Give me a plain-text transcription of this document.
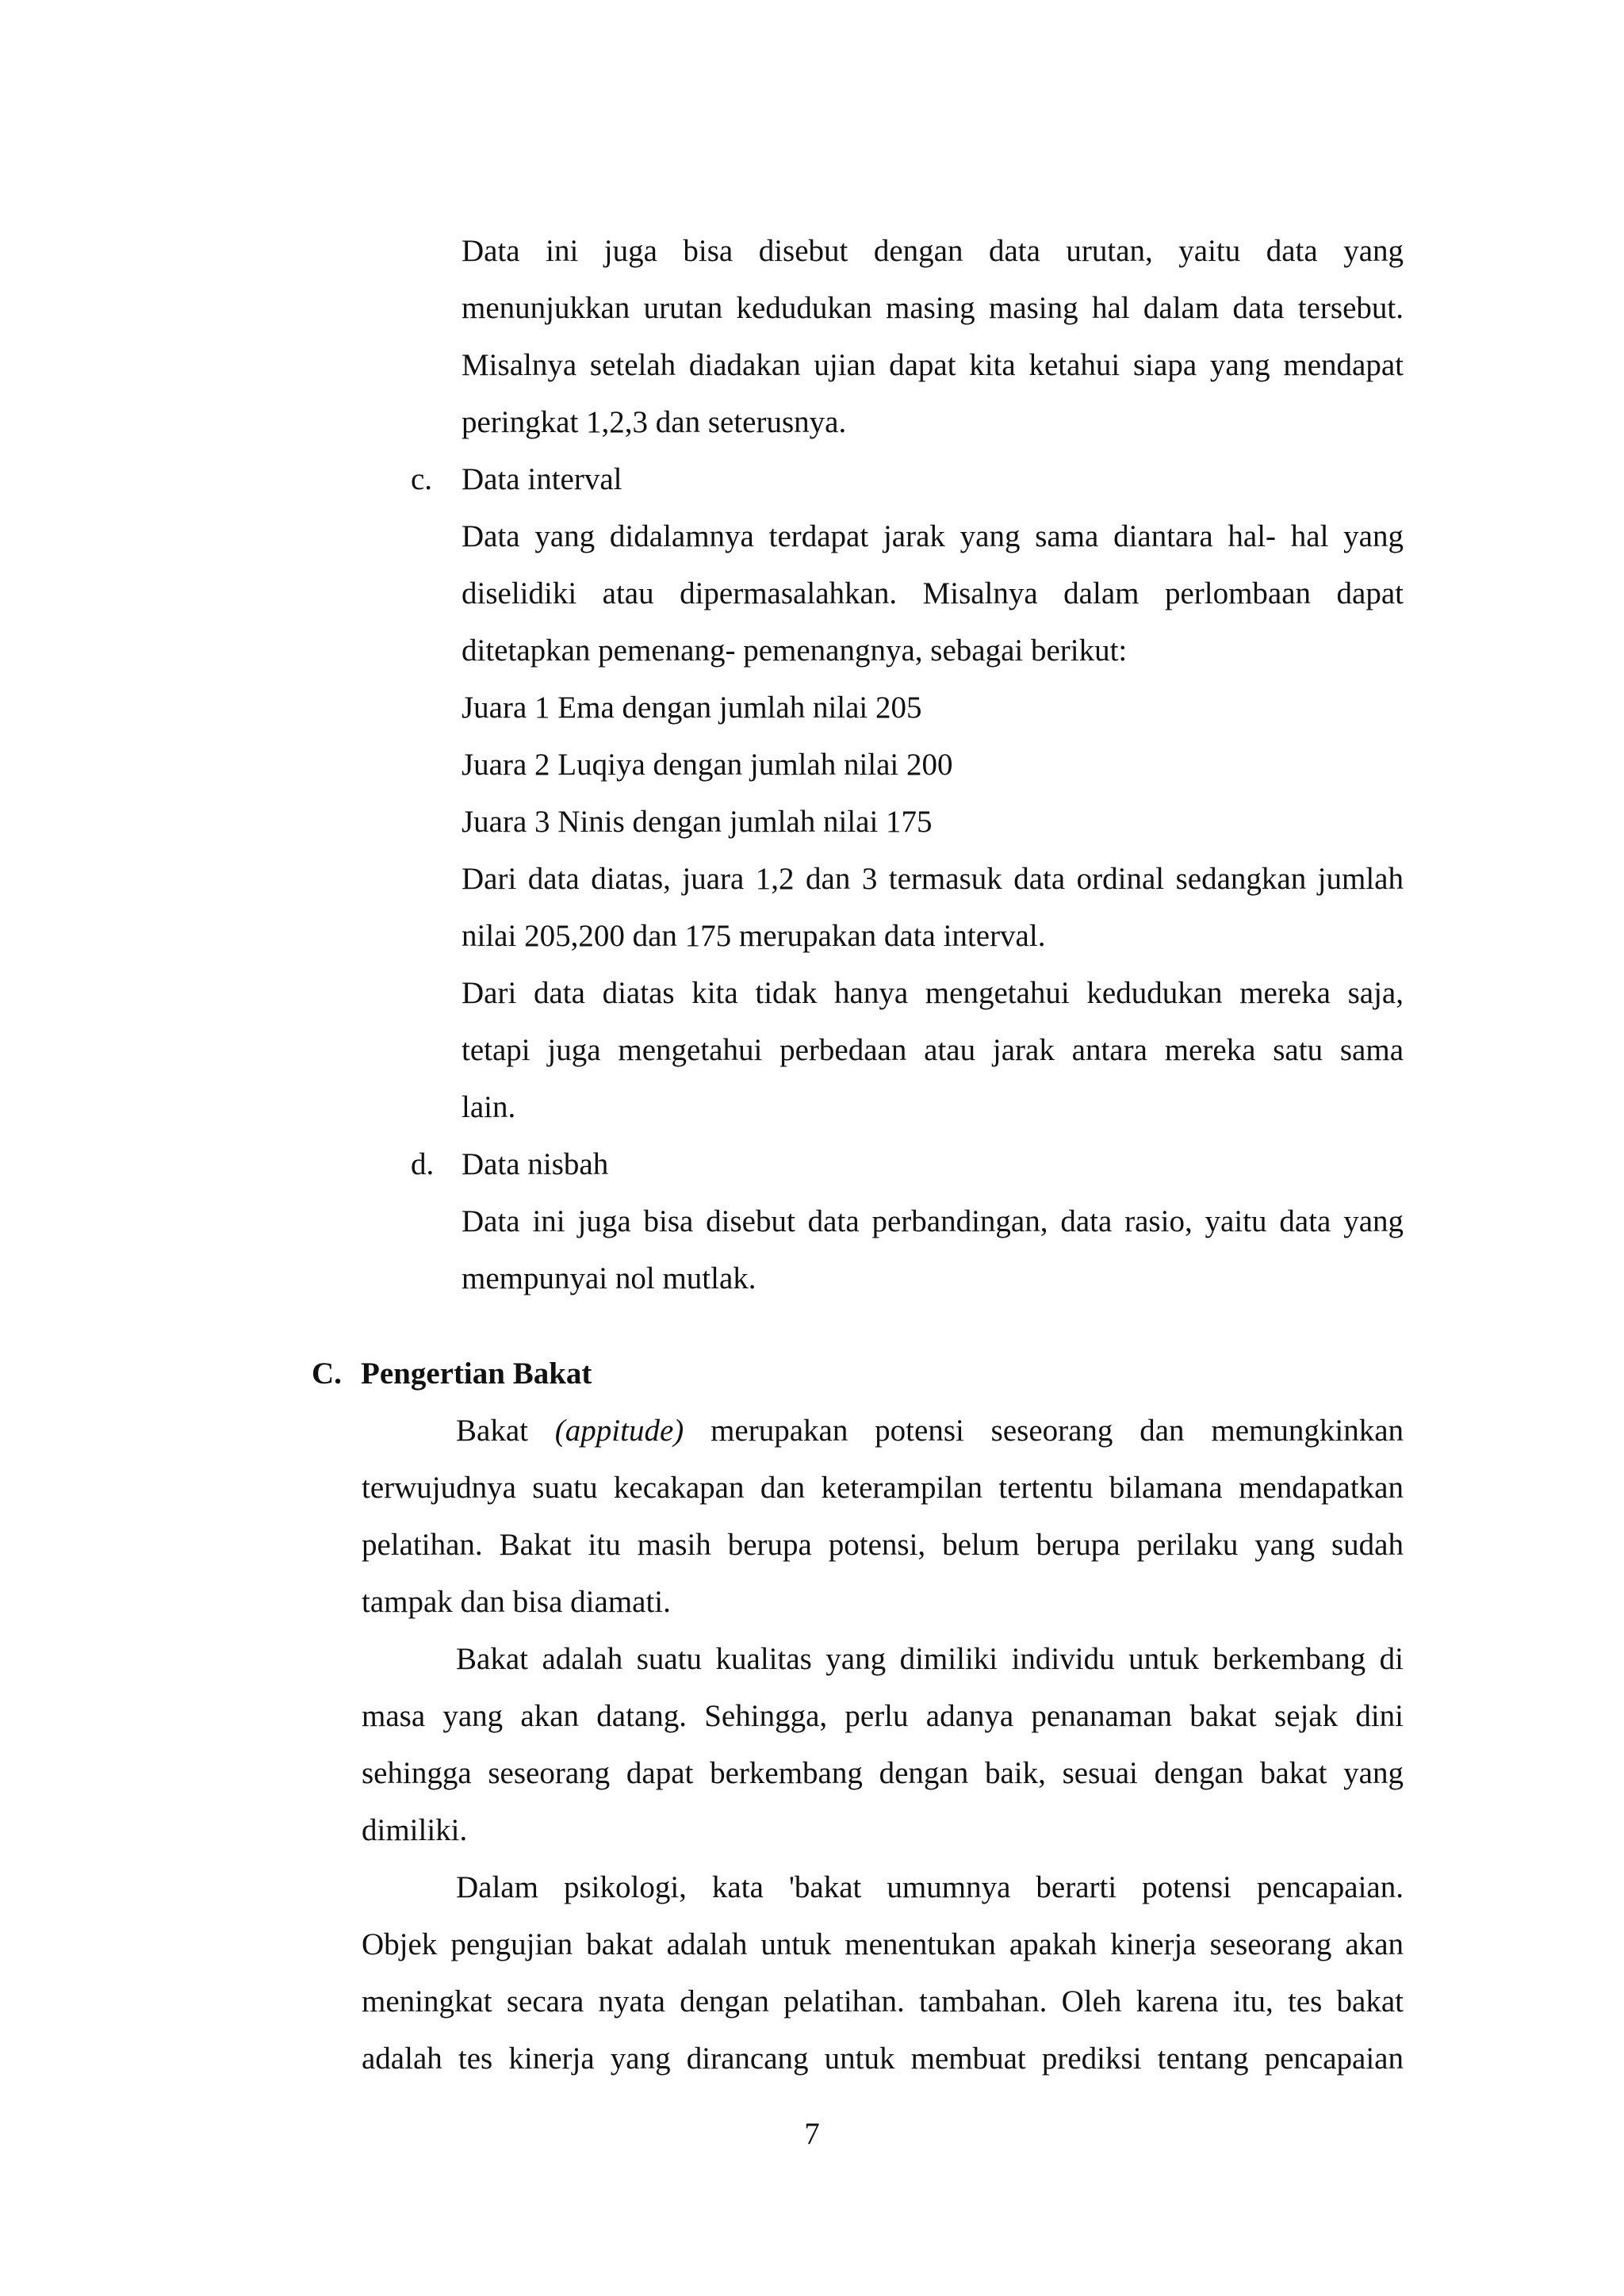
Data ini juga bisa disebut dengan data urutan, yaitu data yang
menunjukkan urutan kedudukan masing masing hal dalam data tersebut.
Misalnya setelah diadakan ujian dapat kita ketahui siapa yang mendapat
peringkat 1,2,3 dan seterusnya.
c. Data interval
Data yang didalamnya terdapat jarak yang sama diantara hal- hal yang
diselidiki atau dipermasalahkan. Misalnya dalam perlombaan dapat
ditetapkan pemenang- pemenangnya, sebagai berikut:
Juara 1 Ema dengan jumlah nilai 205
Juara 2 Luqiya dengan jumlah nilai 200
Juara 3 Ninis dengan jumlah nilai 175
Dari data diatas, juara 1,2 dan 3 termasuk data ordinal sedangkan jumlah
nilai 205,200 dan 175 merupakan data interval.
Dari data diatas kita tidak hanya mengetahui kedudukan mereka saja,
tetapi juga mengetahui perbedaan atau jarak antara mereka satu sama
lain.
d. Data nisbah
Data ini juga bisa disebut data perbandingan, data rasio, yaitu data yang
mempunyai nol mutlak.
C. Pengertian Bakat
Bakat (appitude) merupakan potensi seseorang dan memungkinkan
terwujudnya suatu kecakapan dan keterampilan tertentu bilamana mendapatkan
pelatihan. Bakat itu masih berupa potensi, belum berupa perilaku yang sudah
tampak dan bisa diamati.
Bakat adalah suatu kualitas yang dimiliki individu untuk berkembang di
masa yang akan datang. Sehingga, perlu adanya penanaman bakat sejak dini
sehingga seseorang dapat berkembang dengan baik, sesuai dengan bakat yang
dimiliki.
Dalam psikologi, kata 'bakat umumnya berarti potensi pencapaian.
Objek pengujian bakat adalah untuk menentukan apakah kinerja seseorang akan
meningkat secara nyata dengan pelatihan. tambahan. Oleh karena itu, tes bakat
adalah tes kinerja yang dirancang untuk membuat prediksi tentang pencapaian
7
